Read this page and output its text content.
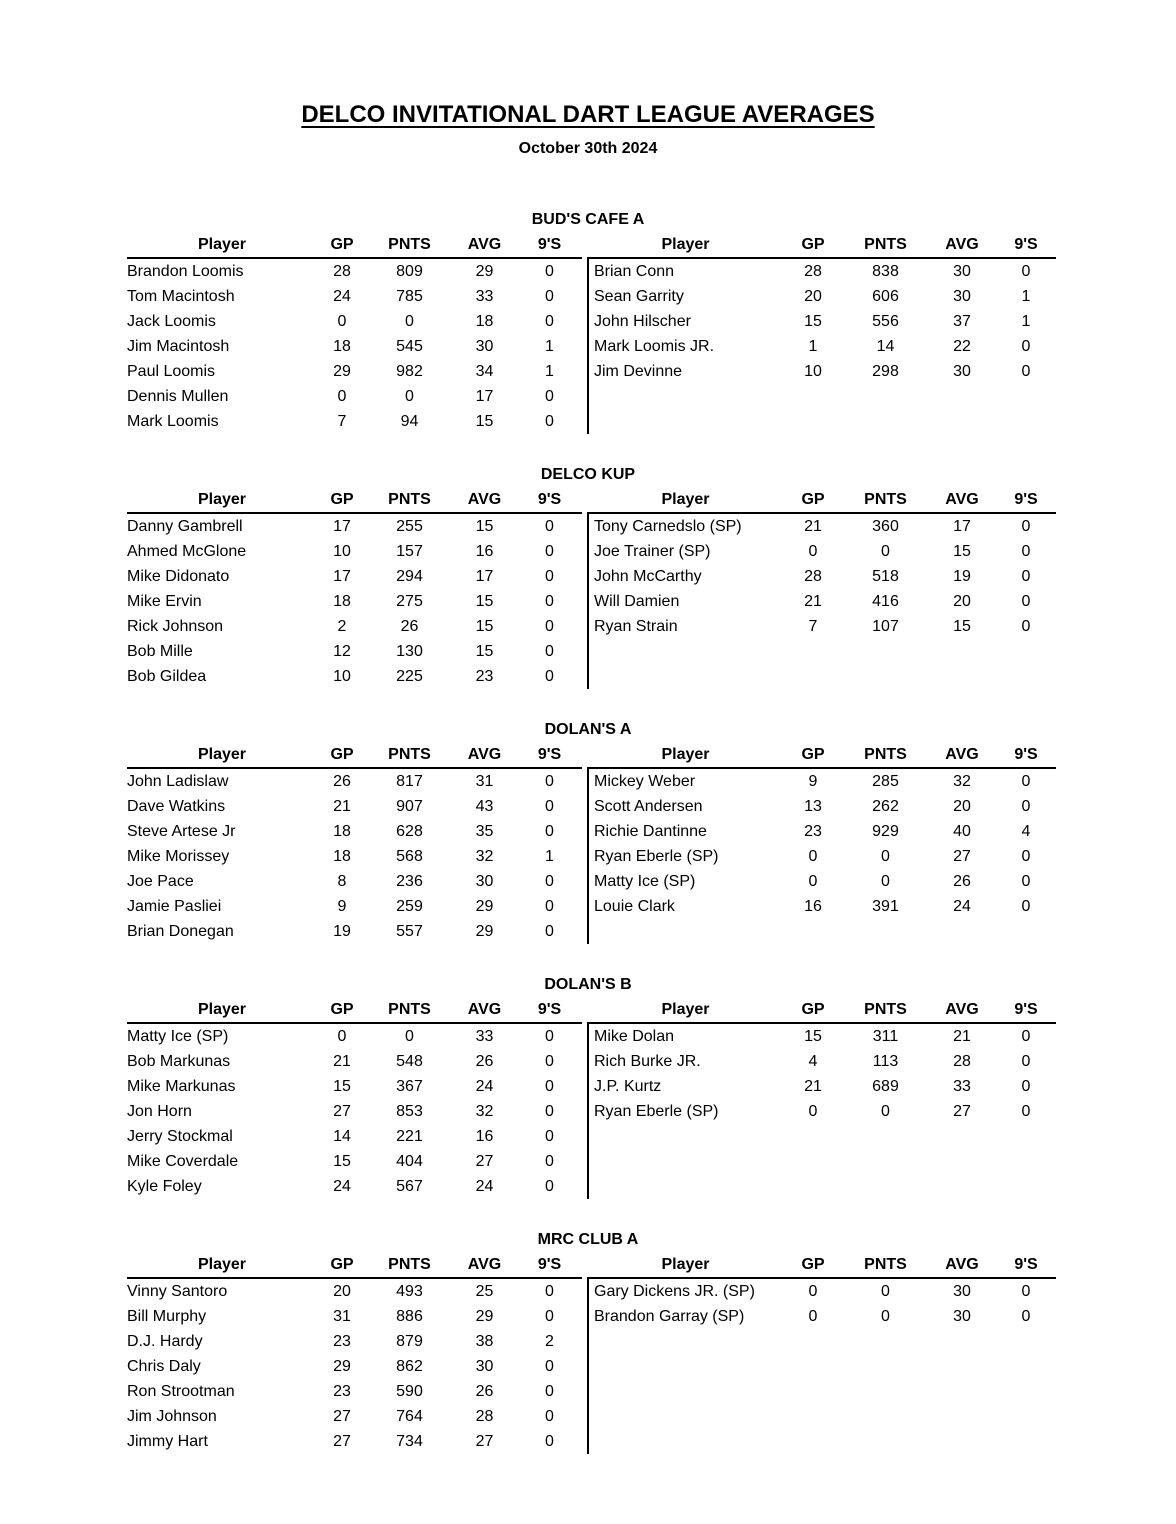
DELCO INVITATIONAL DART LEAGUE AVERAGES
October 30th 2024
BUD'S CAFE A
Player	GP	PNTS	AVG	9'S
Brandon Loomis	28	809	29	0
Tom Macintosh	24	785	33	0
Jack Loomis	0	0	18	0
Jim Macintosh	18	545	30	1
Paul Loomis	29	982	34	1
Dennis Mullen	0	0	17	0
Mark Loomis	7	94	15	0
Player	GP	PNTS	AVG	9'S
Brian Conn	28	838	30	0
Sean Garrity	20	606	30	1
John Hilscher	15	556	37	1
Mark Loomis JR.	1	14	22	0
Jim Devinne	10	298	30	0

DELCO KUP
Player	GP	PNTS	AVG	9'S
Danny Gambrell	17	255	15	0
Ahmed McGlone	10	157	16	0
Mike Didonato	17	294	17	0
Mike Ervin	18	275	15	0
Rick Johnson	2	26	15	0
Bob Mille	12	130	15	0
Bob Gildea	10	225	23	0
Player	GP	PNTS	AVG	9'S
Tony Carnedslo (SP)	21	360	17	0
Joe Trainer (SP)	0	0	15	0
John McCarthy	28	518	19	0
Will Damien	21	416	20	0
Ryan Strain	7	107	15	0

DOLAN'S A
Player	GP	PNTS	AVG	9'S
John Ladislaw	26	817	31	0
Dave Watkins	21	907	43	0
Steve Artese Jr	18	628	35	0
Mike Morissey	18	568	32	1
Joe Pace	8	236	30	0
Jamie Pasliei	9	259	29	0
Brian Donegan	19	557	29	0
Player	GP	PNTS	AVG	9'S
Mickey Weber	9	285	32	0
Scott Andersen	13	262	20	0
Richie Dantinne	23	929	40	4
Ryan Eberle (SP)	0	0	27	0
Matty Ice (SP)	0	0	26	0
Louie Clark	16	391	24	0

DOLAN'S B
Player	GP	PNTS	AVG	9'S
Matty Ice (SP)	0	0	33	0
Bob Markunas	21	548	26	0
Mike Markunas	15	367	24	0
Jon Horn	27	853	32	0
Jerry Stockmal	14	221	16	0
Mike Coverdale	15	404	27	0
Kyle Foley	24	567	24	0
Player	GP	PNTS	AVG	9'S
Mike Dolan	15	311	21	0
Rich Burke JR.	4	113	28	0
J.P. Kurtz	21	689	33	0
Ryan Eberle (SP)	0	0	27	0

MRC CLUB A
Player	GP	PNTS	AVG	9'S
Vinny Santoro	20	493	25	0
Bill Murphy	31	886	29	0
D.J. Hardy	23	879	38	2
Chris Daly	29	862	30	0
Ron Strootman	23	590	26	0
Jim Johnson	27	764	28	0
Jimmy Hart	27	734	27	0
Player	GP	PNTS	AVG	9'S
Gary Dickens JR. (SP)	0	0	30	0
Brandon Garray (SP)	0	0	30	0
